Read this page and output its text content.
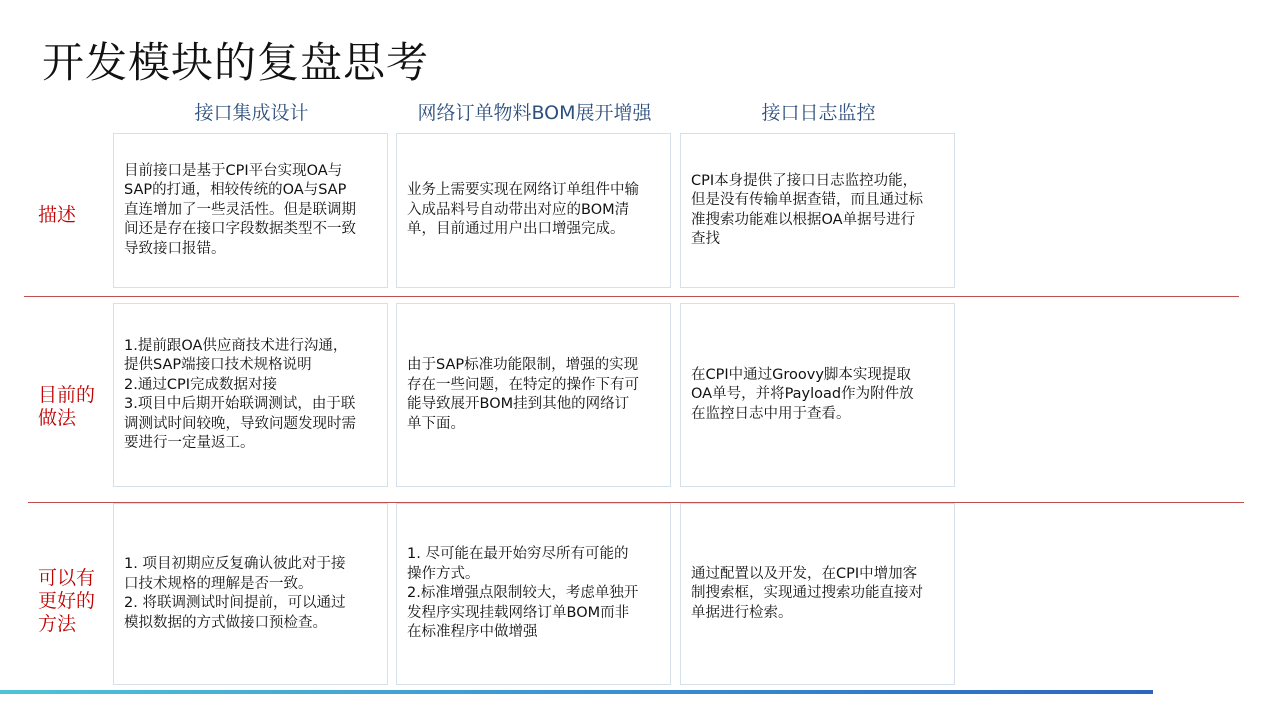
开发模块的复盘思考
接口集成设计	网络订单物料BOM展开增强	接口日志监控
描述
目前的
做法
可以有
更好的
方法
目前接口是基于CPI平台实现OA与
SAP的打通，相较传统的OA与SAP
直连增加了一些灵活性。但是联调期
间还是存在接口字段数据类型不一致
导致接口报错。
业务上需要实现在网络订单组件中输
入成品料号自动带出对应的BOM清
单，目前通过用户出口增强完成。
CPI本身提供了接口日志监控功能，
但是没有传输单据查错，而且通过标
准搜索功能难以根据OA单据号进行
查找
1.提前跟OA供应商技术进行沟通，
提供SAP端接口技术规格说明
2.通过CPI完成数据对接
3.项目中后期开始联调测试，由于联
调测试时间较晚，导致问题发现时需
要进行一定量返工。
由于SAP标准功能限制，增强的实现
存在一些问题，在特定的操作下有可
能导致展开BOM挂到其他的网络订
单下面。
在CPI中通过Groovy脚本实现提取
OA单号，并将Payload作为附件放
在监控日志中用于查看。
1. 项目初期应反复确认彼此对于接
口技术规格的理解是否一致。
2. 将联调测试时间提前，可以通过
模拟数据的方式做接口预检查。
1. 尽可能在最开始穷尽所有可能的
操作方式。
2.标准增强点限制较大，考虑单独开
发程序实现挂载网络订单BOM而非
在标准程序中做增强
通过配置以及开发，在CPI中增加客
制搜索框，实现通过搜索功能直接对
单据进行检索。
